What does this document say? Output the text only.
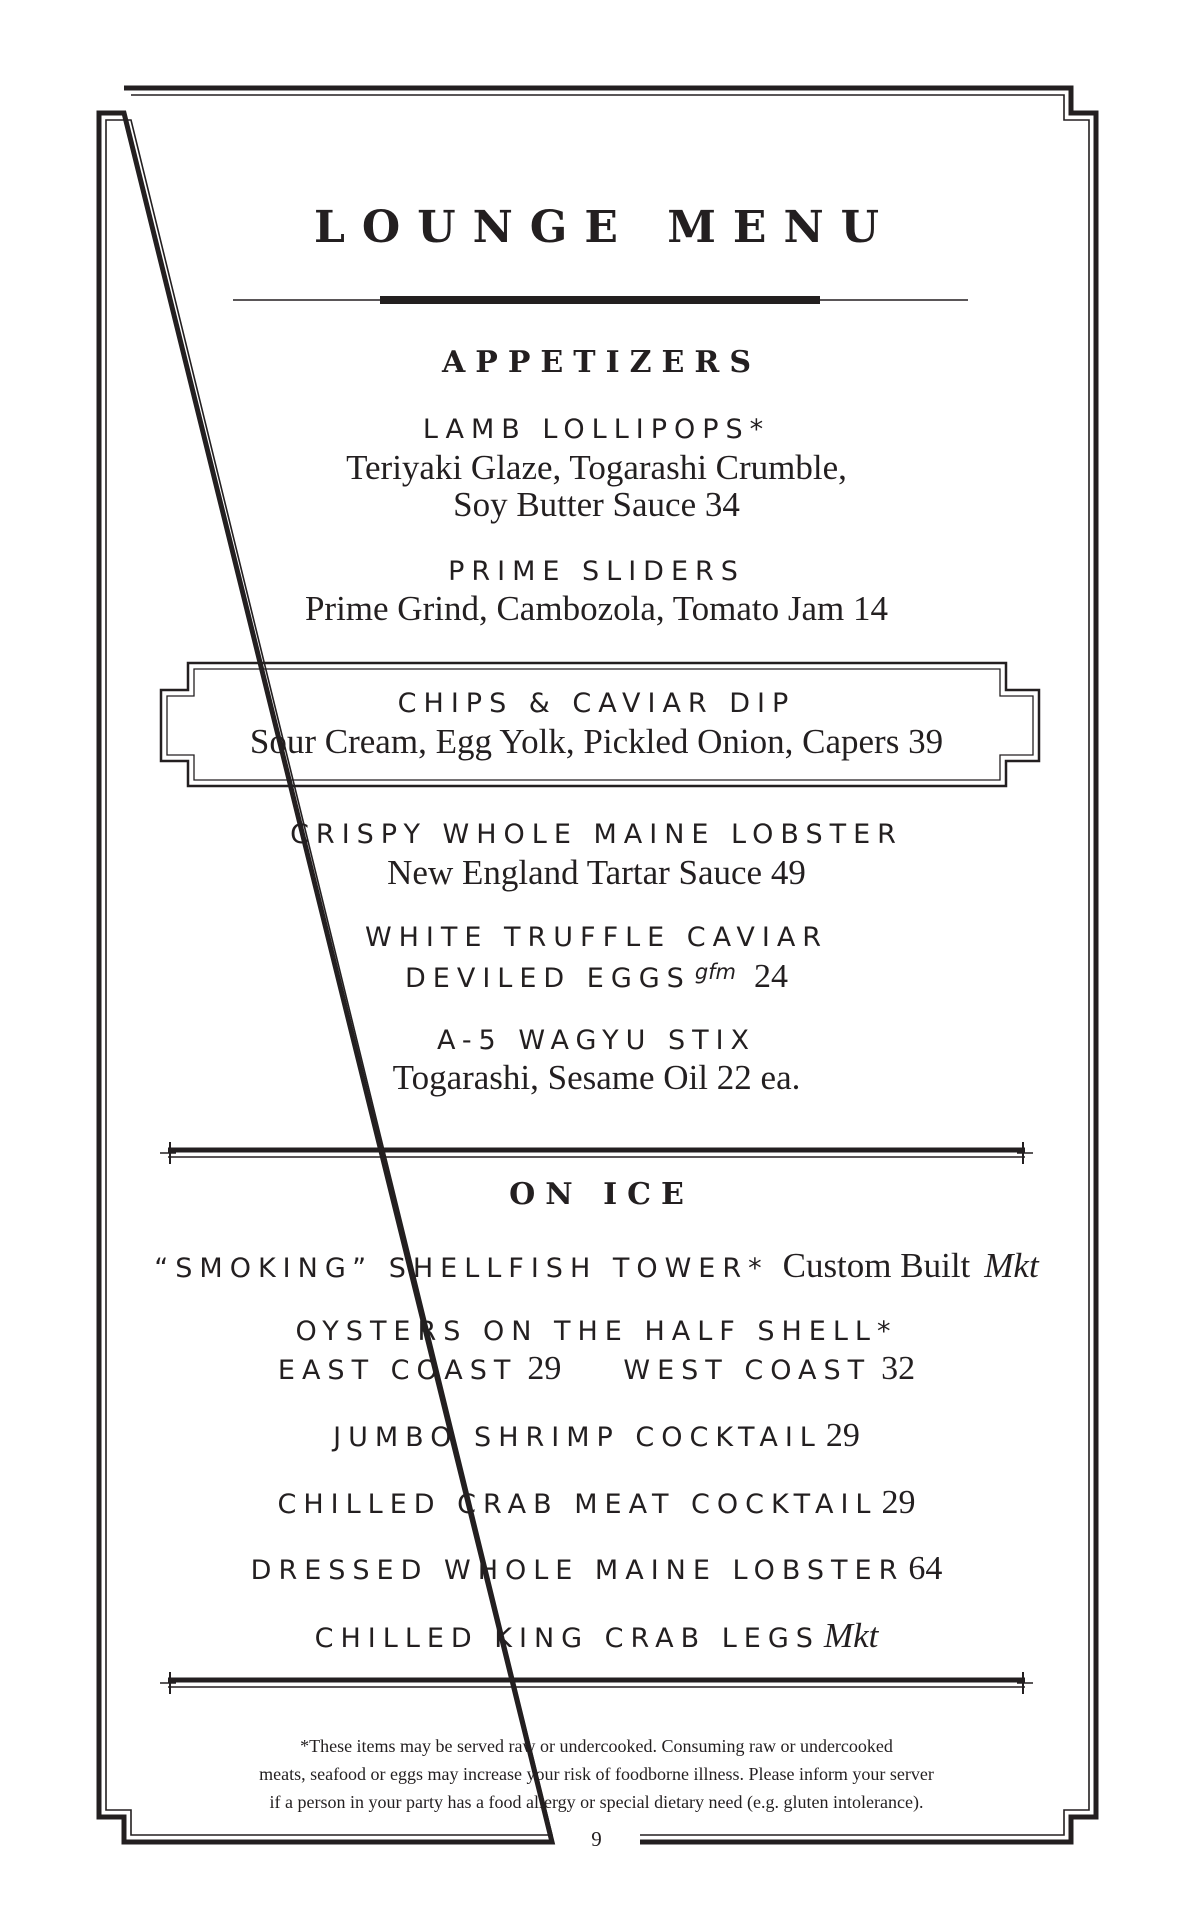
LOUNGE MENU
APPETIZERS
LAMB LOLLIPOPS*
Teriyaki Glaze, Togarashi Crumble,
Soy Butter Sauce 34
PRIME SLIDERS
Prime Grind, Cambozola, Tomato Jam 14
CHIPS & CAVIAR DIP
Sour Cream, Egg Yolk, Pickled Onion, Capers 39
CRISPY WHOLE MAINE LOBSTER
New England Tartar Sauce 49
WHITE TRUFFLE CAVIAR
DEVILED EGGS $^{gfm}$ 24
A-5 WAGYU STIX
Togarashi, Sesame Oil 22 ea.
ON ICE
“SMOKING” SHELLFISH TOWER* Custom Built Mkt
OYSTERS ON THE HALF SHELL*
EAST COAST 29 WEST COAST 32
JUMBO SHRIMP COCKTAIL 29
CHILLED CRAB MEAT COCKTAIL 29
DRESSED WHOLE MAINE LOBSTER 64
CHILLED KING CRAB LEGS Mkt
*These items may be served raw or undercooked. Consuming raw or undercooked
meats, seafood or eggs may increase your risk of foodborne illness. Please inform your server
if a person in your party has a food allergy or special dietary need (e.g. gluten intolerance).
9
